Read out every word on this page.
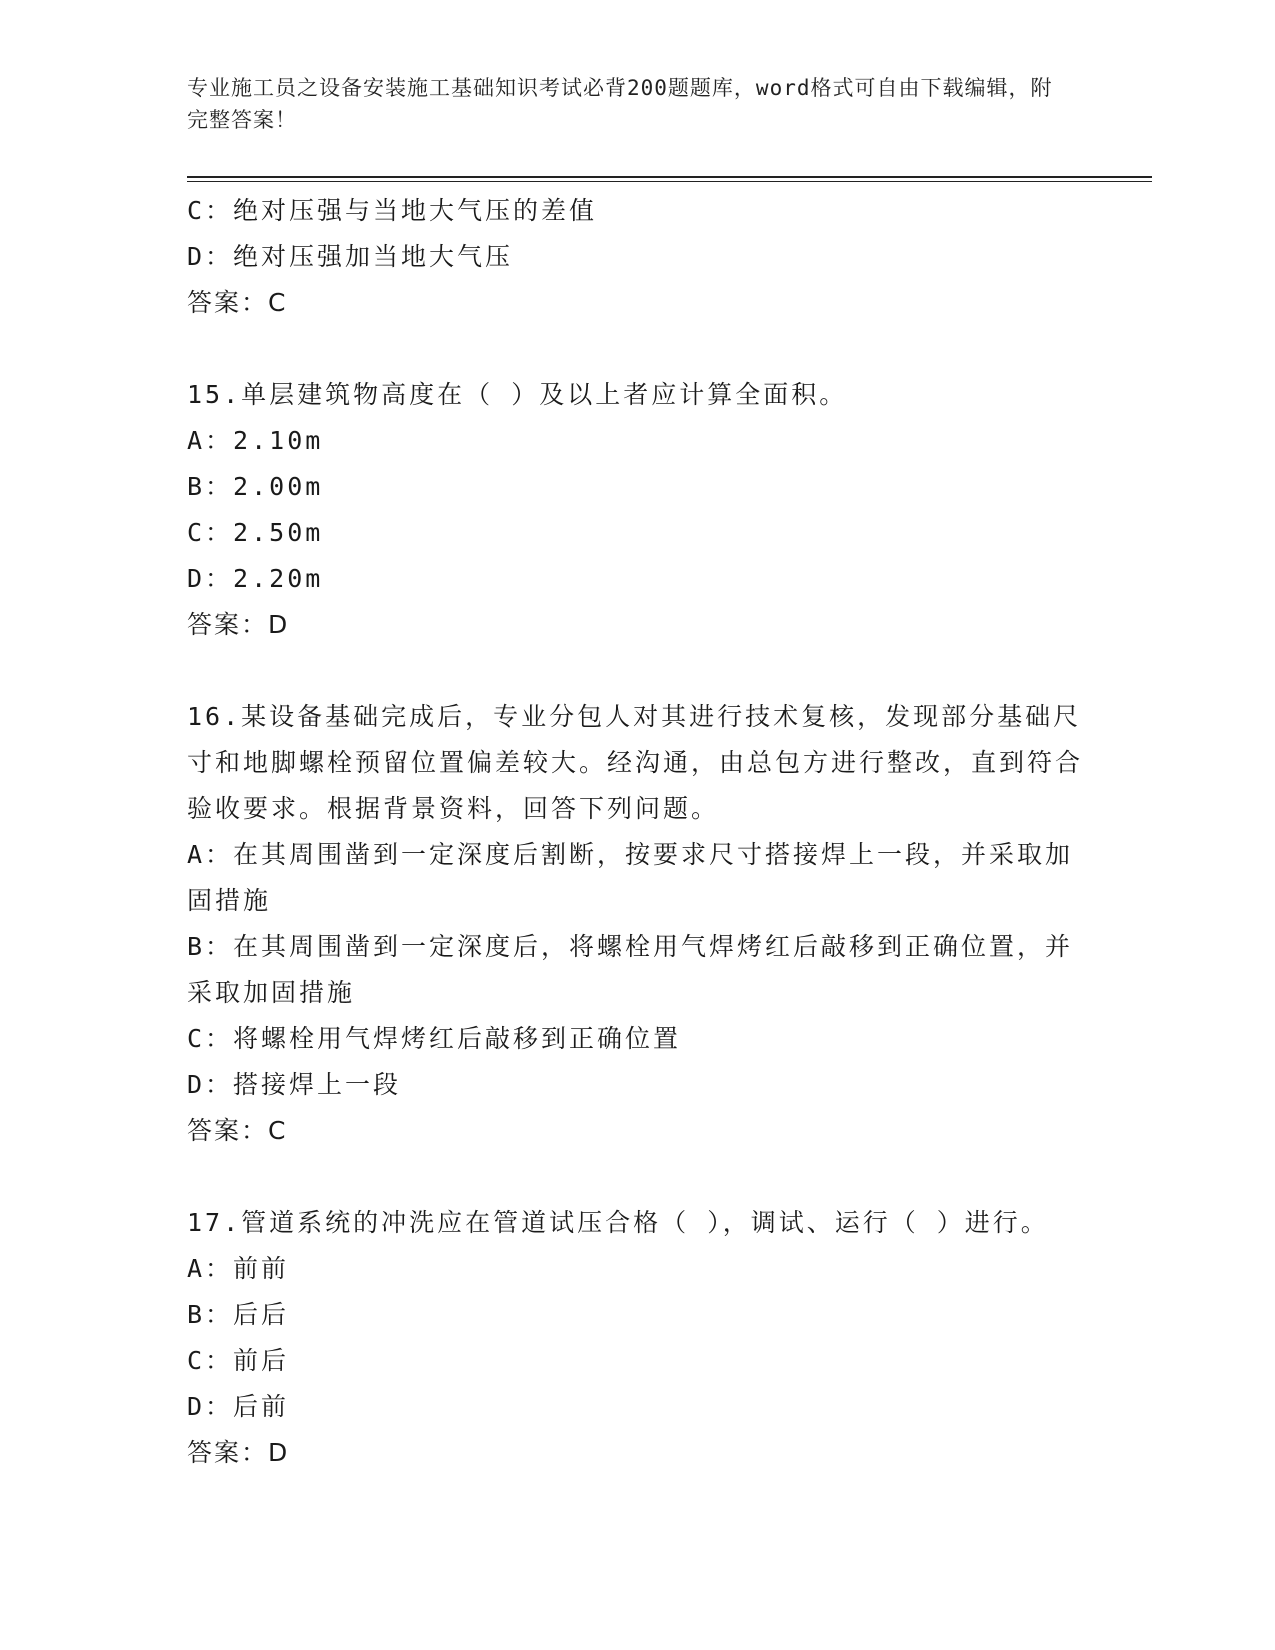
专业施工员之设备安装施工基础知识考试必背200题题库，word格式可自由下载编辑，附完整答案！
C：绝对压强与当地大气压的差值
D：绝对压强加当地大气压
答案：C
15.单层建筑物高度在（ ）及以上者应计算全面积。
A：2.10m
B：2.00m
C：2.50m
D：2.20m
答案：D
16.某设备基础完成后，专业分包人对其进行技术复核，发现部分基础尺寸和地脚螺栓预留位置偏差较大。经沟通，由总包方进行整改，直到符合验收要求。根据背景资料，回答下列问题。
A：在其周围凿到一定深度后割断，按要求尺寸搭接焊上一段，并采取加固措施
B：在其周围凿到一定深度后，将螺栓用气焊烤红后敲移到正确位置，并采取加固措施
C：将螺栓用气焊烤红后敲移到正确位置
D：搭接焊上一段
答案：C
17.管道系统的冲洗应在管道试压合格（ ），调试、运行（ ）进行。
A：前前
B：后后
C：前后
D：后前
答案：D
